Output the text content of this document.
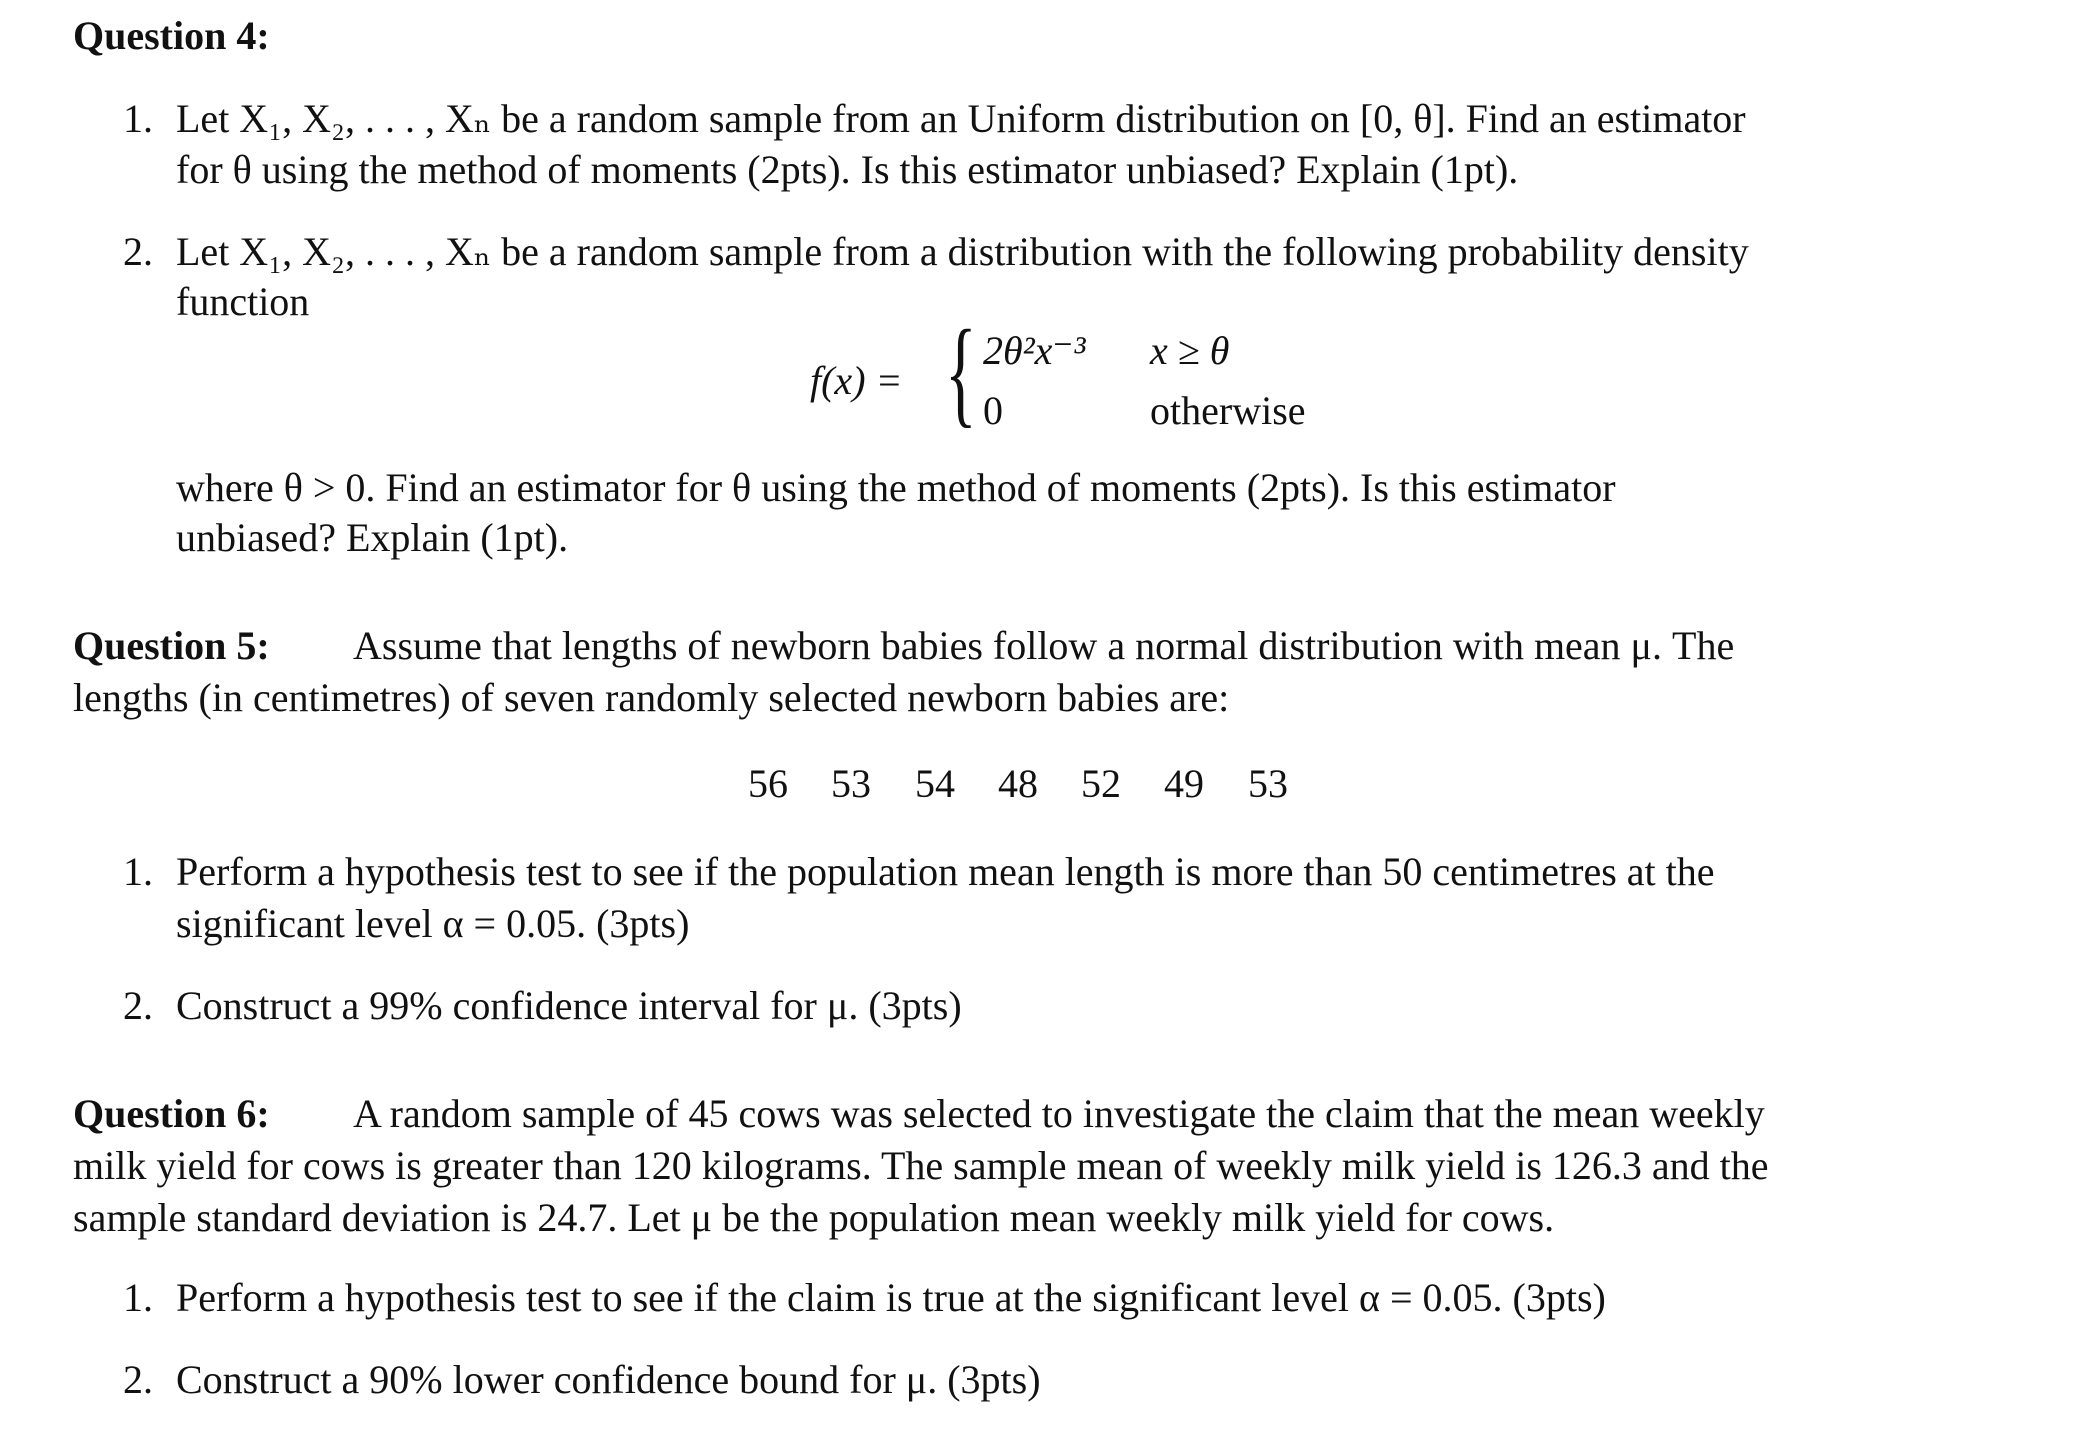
Question 4:
1. Let X₁, X₂, . . . , Xₙ be a random sample from an Uniform distribution on [0, θ]. Find an estimator
for θ using the method of moments (2pts). Is this estimator unbiased? Explain (1pt).
2. Let X₁, X₂, . . . , Xₙ be a random sample from a distribution with the following probability density
function
f(x) = { 2θ²x⁻³ x ≥ θ
0	otherwise
where θ > 0. Find an estimator for θ using the method of moments (2pts). Is this estimator
unbiased? Explain (1pt).
Question 5: Assume that lengths of newborn babies follow a normal distribution with mean μ. The
lengths (in centimetres) of seven randomly selected newborn babies are:
56 53 54 48 52 49 53
1. Perform a hypothesis test to see if the population mean length is more than 50 centimetres at the
significant level α = 0.05. (3pts)
2. Construct a 99% confidence interval for μ. (3pts)
Question 6: A random sample of 45 cows was selected to investigate the claim that the mean weekly
milk yield for cows is greater than 120 kilograms. The sample mean of weekly milk yield is 126.3 and the
sample standard deviation is 24.7. Let μ be the population mean weekly milk yield for cows.
1. Perform a hypothesis test to see if the claim is true at the significant level α = 0.05. (3pts)
2. Construct a 90% lower confidence bound for μ. (3pts)
